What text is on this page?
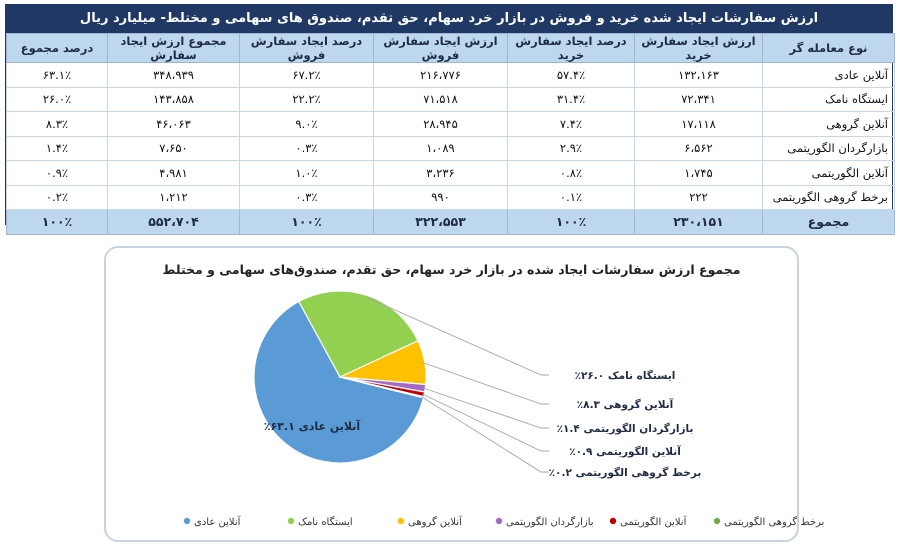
ارزش سفارشات ایجاد شده خرید و فروش در بازار خرد سهام، حق تقدم، صندوق های سهامی و مختلط- میلیارد ریال
نوع معامله گر	ارزش ایجاد سفارش خرید	درصد ایجاد سفارش خرید	ارزش ایجاد سفارش فروش	درصد ایجاد سفارش فروش	مجموع ارزش ایجاد سفارش	درصد مجموع
آنلاین عادی	۱۳۲،۱۶۳	۵۷.۴٪	۲۱۶،۷۷۶	۶۷.۲٪	۳۴۸،۹۳۹	۶۳.۱٪
ایستگاه نامک	۷۲،۳۴۱	۳۱.۴٪	۷۱،۵۱۸	۲۲.۲٪	۱۴۳،۸۵۸	۲۶.۰٪
آنلاین گروهی	۱۷،۱۱۸	۷.۴٪	۲۸،۹۴۵	۹.۰٪	۴۶،۰۶۳	۸.۳٪
بازارگردان الگوریتمی	۶،۵۶۲	۲.۹٪	۱،۰۸۹	۰.۳٪	۷،۶۵۰	۱.۴٪
آنلاین الگوریتمی	۱،۷۴۵	۰.۸٪	۳،۲۳۶	۱.۰٪	۴،۹۸۱	۰.۹٪
برخط گروهی الگوریتمی	۲۲۲	۰.۱٪	۹۹۰	۰.۳٪	۱،۲۱۲	۰.۲٪
مجموع	۲۳۰،۱۵۱	۱۰۰٪	۳۲۲،۵۵۳	۱۰۰٪	۵۵۲،۷۰۴	۱۰۰٪
مجموع ارزش سفارشات ایجاد شده در بازار خرد سهام، حق تقدم، صندوق‌های سهامی و مختلط
آنلاین عادی ۶۳.۱٪
ایستگاه نامک ۲۶.۰٪
آنلاین گروهی ۸.۳٪
بازارگردان الگوریتمی ۱.۴٪
آنلاین الگوریتمی ۰.۹٪
برخط گروهی الگوریتمی ۰.۲٪
آنلاین عادی	ایستگاه نامک	آنلاین گروهی	بازارگردان الگوریتمی	آنلاین الگوریتمی	برخط گروهی الگوریتمی
